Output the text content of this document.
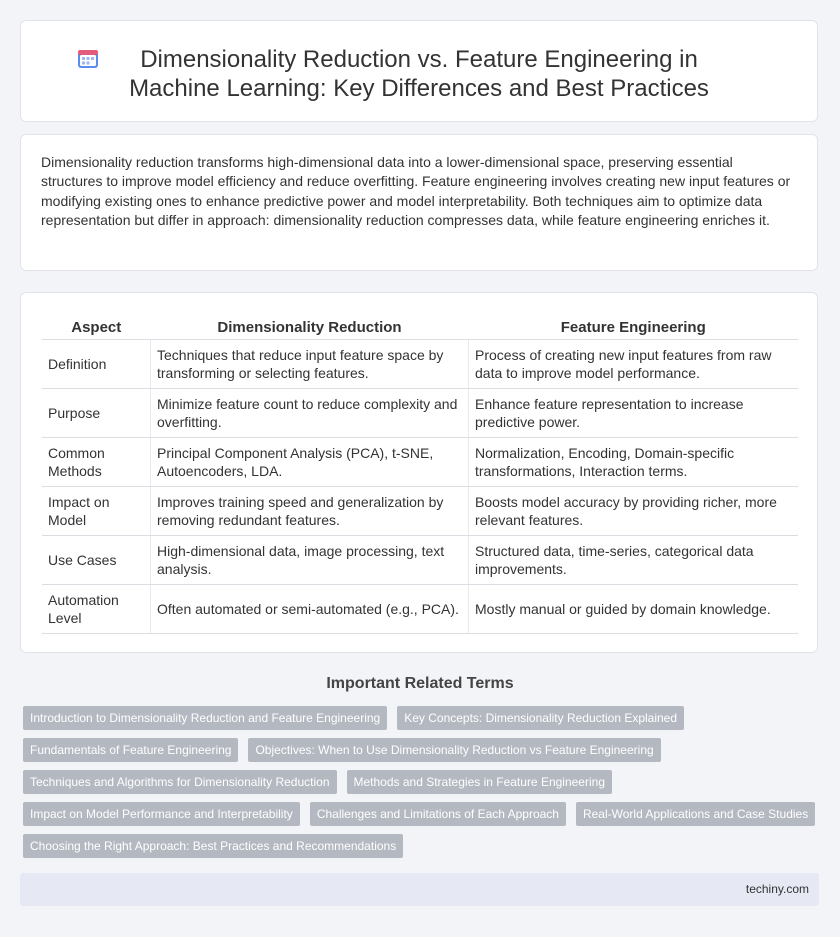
Dimensionality Reduction vs. Feature Engineering in Machine Learning: Key Differences and Best Practices

Dimensionality reduction transforms high-dimensional data into a lower-dimensional space, preserving essential structures to improve model efficiency and reduce overfitting. Feature engineering involves creating new input features or modifying existing ones to enhance predictive power and model interpretability. Both techniques aim to optimize data representation but differ in approach: dimensionality reduction compresses data, while feature engineering enriches it.

Aspect	Dimensionality Reduction	Feature Engineering
Definition	Techniques that reduce input feature space by transforming or selecting features.	Process of creating new input features from raw data to improve model performance.
Purpose	Minimize feature count to reduce complexity and overfitting.	Enhance feature representation to increase predictive power.
Common Methods	Principal Component Analysis (PCA), t-SNE, Autoencoders, LDA.	Normalization, Encoding, Domain-specific transformations, Interaction terms.
Impact on Model	Improves training speed and generalization by removing redundant features.	Boosts model accuracy by providing richer, more relevant features.
Use Cases	High-dimensional data, image processing, text analysis.	Structured data, time-series, categorical data improvements.
Automation Level	Often automated or semi-automated (e.g., PCA).	Mostly manual or guided by domain knowledge.
Important Related Terms
Introduction to Dimensionality Reduction and Feature Engineering	Key Concepts: Dimensionality Reduction Explained
Fundamentals of Feature Engineering	Objectives: When to Use Dimensionality Reduction vs Feature Engineering
Techniques and Algorithms for Dimensionality Reduction	Methods and Strategies in Feature Engineering
Impact on Model Performance and Interpretability	Challenges and Limitations of Each Approach	Real-World Applications and Case Studies
Choosing the Right Approach: Best Practices and Recommendations
techiny.com
